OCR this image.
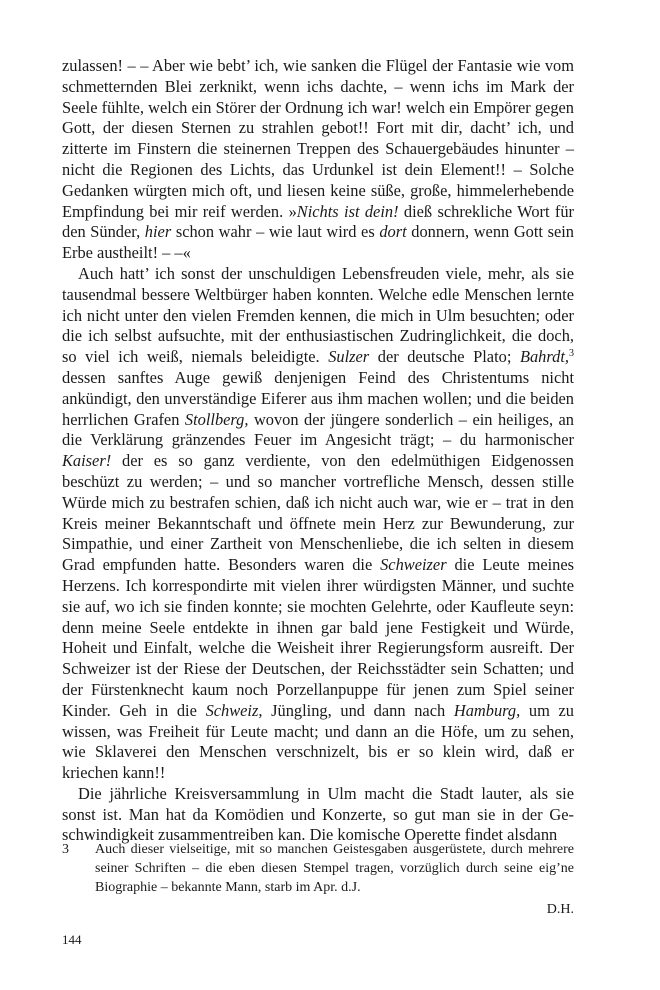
zulassen! – – Aber wie bebt’ ich, wie sanken die Flügel der Fantasie wie vom schmetternden Blei zerknikt, wenn ichs dachte, – wenn ichs im Mark der Seele fühlte, welch ein Störer der Ordnung ich war! welch ein Empörer gegen Gott, der diesen Sternen zu strahlen gebot!! Fort mit dir, dacht’ ich, und zitterte im Finstern die steinernen Treppen des Schauergebäudes hinunter – nicht die Regionen des Lichts, das Urdunkel ist dein Element!! – Solche Gedanken würgten mich oft, und liesen keine süße, große, himmelerhebende Empfindung bei mir reif werden. »Nichts ist dein! dieß schrekliche Wort für den Sünder, hier schon wahr – wie laut wird es dort donnern, wenn Gott sein Erbe austheilt! – –«

Auch hatt’ ich sonst der unschuldigen Lebensfreuden viele, mehr, als sie tausendmal bessere Weltbürger haben konnten. Welche edle Menschen lernte ich nicht unter den vielen Fremden kennen, die mich in Ulm besuchten; oder die ich selbst aufsuchte, mit der enthusiastischen Zudringlichkeit, die doch, so viel ich weiß, niemals beleidigte. Sulzer der deutsche Plato; Bahrdt,$^3$ dessen sanftes Auge gewiß denjenigen Feind des Christentums nicht ankündigt, den unverständige Eiferer aus ihm machen wollen; und die beiden herrlichen Grafen Stollberg, wovon der jüngere sonderlich – ein heiliges, an die Verklärung gränzendes Feuer im Angesicht trägt; – du harmonischer Kaiser! der es so ganz verdiente, von den edelmüthigen Eidgenossen beschüzt zu werden; – und so mancher vortrefliche Mensch, dessen stille Würde mich zu bestrafen schien, daß ich nicht auch war, wie er – trat in den Kreis meiner Bekanntschaft und öffnete mein Herz zur Bewunderung, zur Simpathie, und einer Zartheit von Menschenliebe, die ich selten in diesem Grad empfunden hatte. Besonders waren die Schweizer die Leute meines Herzens. Ich korrespondirte mit vielen ihrer würdigsten Männer, und suchte sie auf, wo ich sie finden konnte; sie mochten Gelehrte, oder Kaufleute seyn: denn meine Seele entdekte in ihnen gar bald jene Festigkeit und Würde, Hoheit und Einfalt, welche die Weisheit ihrer Regierungsform ausreift. Der Schweizer ist der Riese der Deutschen, der Reichsstädter sein Schatten; und der Fürstenknecht kaum noch Porzellanpuppe für jenen zum Spiel seiner Kinder. Geh in die Schweiz, Jüngling, und dann nach Hamburg, um zu wissen, was Freiheit für Leute macht; und dann an die Höfe, um zu sehen, wie Sklaverei den Menschen verschnizelt, bis er so klein wird, daß er kriechen kann!!

Die jährliche Kreisversammlung in Ulm macht die Stadt lauter, als sie sonst ist. Man hat da Komödien und Konzerte, so gut man sie in der Geschwindigkeit zusammentreiben kan. Die komische Operette findet alsdann

3	Auch dieser vielseitige, mit so manchen Geistesgaben ausgerüstete, durch mehrere seiner Schriften – die eben diesen Stempel tragen, vorzüglich durch seine eig’ne Biographie – bekannte Mann, starb im Apr. d.J.
D.H.
144
